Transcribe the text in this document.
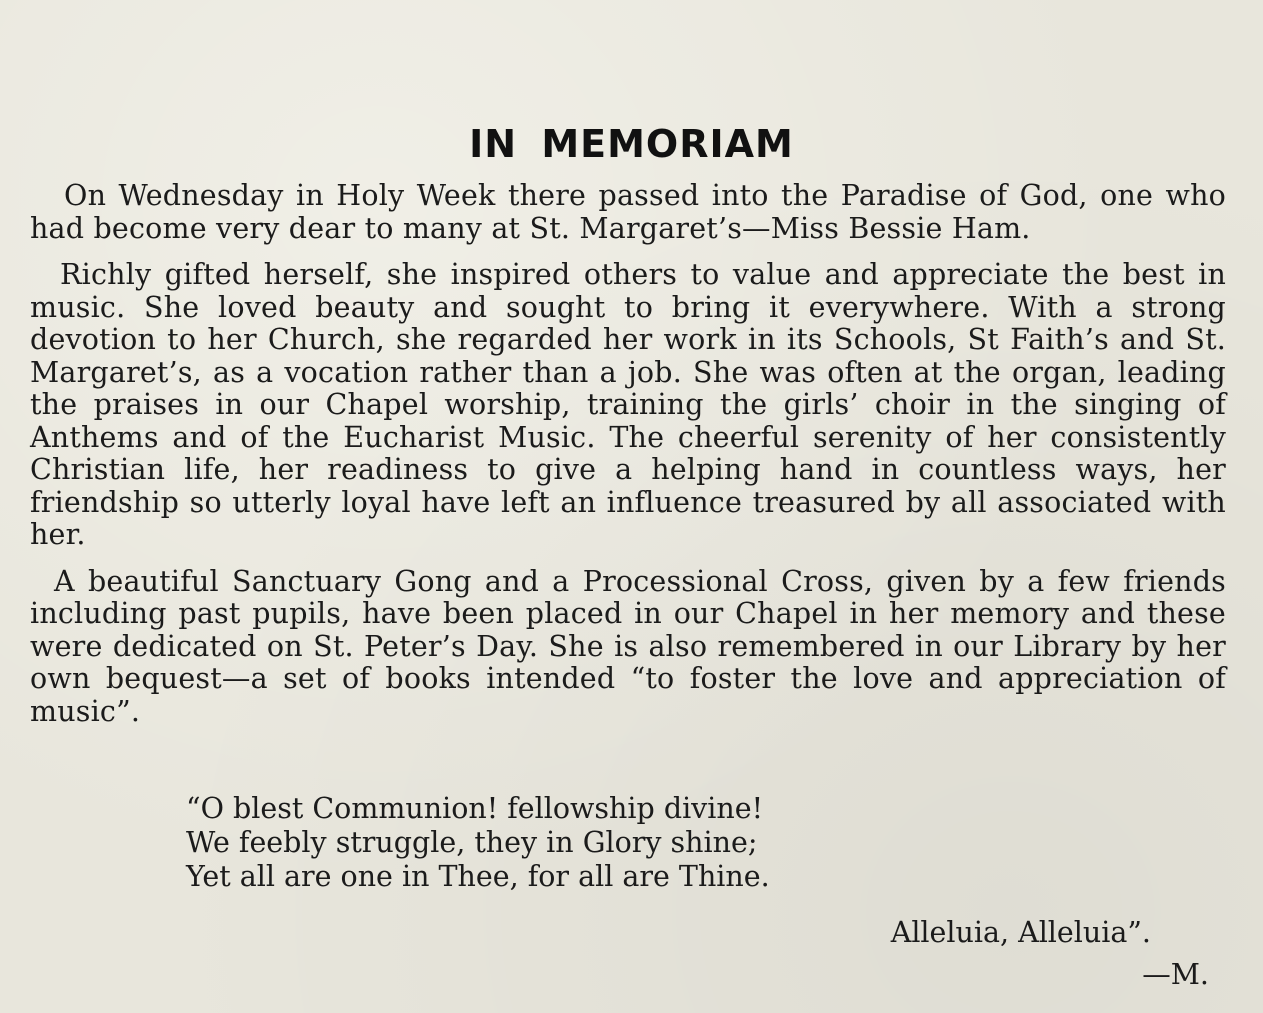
IN MEMORIAM

On Wednesday in Holy Week there passed into the Paradise of God, one who had become very dear to many at St. Margaret’s—Miss Bessie Ham.

Richly gifted herself, she inspired others to value and appreciate the best in music. She loved beauty and sought to bring it everywhere. With a strong devotion to her Church, she regarded her work in its Schools, St Faith’s and St. Margaret’s, as a vocation rather than a job. She was often at the organ, leading the praises in our Chapel worship, training the girls’ choir in the singing of Anthems and of the Eucharist Music. The cheerful serenity of her consistently Christian life, her readiness to give a helping hand in countless ways, her friendship so utterly loyal have left an influence treasured by all associated with her.

A beautiful Sanctuary Gong and a Processional Cross, given by a few friends including past pupils, have been placed in our Chapel in her memory and these were dedicated on St. Peter’s Day. She is also remembered in our Library by her own bequest—a set of books intended “to foster the love and appreciation of music”.

“O blest Communion! fellowship divine!
We feebly struggle, they in Glory shine;
Yet all are one in Thee, for all are Thine.
Alleluia, Alleluia”.
—M.
